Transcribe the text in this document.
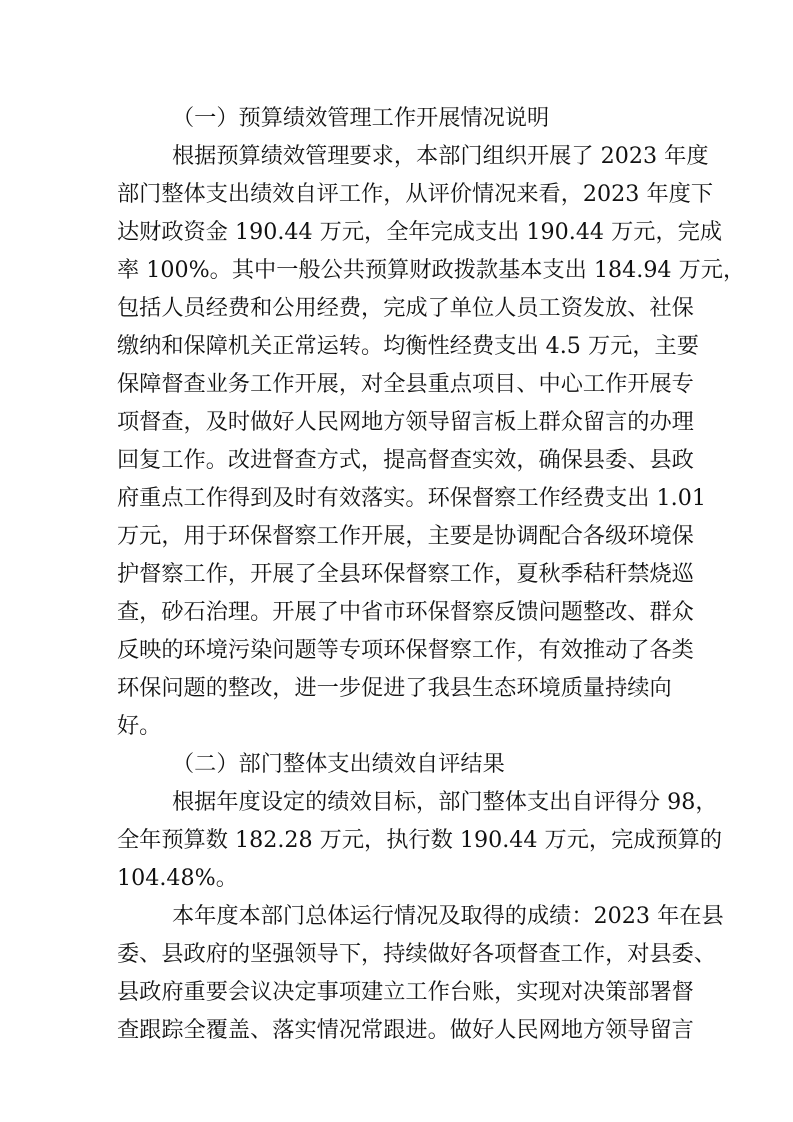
（一）预算绩效管理工作开展情况说明
根据预算绩效管理要求，本部门组织开展了 2023 年度
部门整体支出绩效自评工作，从评价情况来看，2023 年度下
达财政资金 190.44 万元，全年完成支出 190.44 万元，完成
率 100%。其中一般公共预算财政拨款基本支出 184.94 万元，
包括人员经费和公用经费，完成了单位人员工资发放、社保
缴纳和保障机关正常运转。均衡性经费支出 4.5 万元，主要
保障督查业务工作开展，对全县重点项目、中心工作开展专
项督查，及时做好人民网地方领导留言板上群众留言的办理
回复工作。改进督查方式，提高督查实效，确保县委、县政
府重点工作得到及时有效落实。环保督察工作经费支出 1.01
万元，用于环保督察工作开展，主要是协调配合各级环境保
护督察工作，开展了全县环保督察工作，夏秋季秸秆禁烧巡
查，砂石治理。开展了中省市环保督察反馈问题整改、群众
反映的环境污染问题等专项环保督察工作，有效推动了各类
环保问题的整改，进一步促进了我县生态环境质量持续向
好。
（二）部门整体支出绩效自评结果
根据年度设定的绩效目标，部门整体支出自评得分 98，
全年预算数 182.28 万元，执行数 190.44 万元，完成预算的
104.48%。
本年度本部门总体运行情况及取得的成绩：2023 年在县
委、县政府的坚强领导下，持续做好各项督查工作，对县委、
县政府重要会议决定事项建立工作台账，实现对决策部署督
查跟踪全覆盖、落实情况常跟进。做好人民网地方领导留言
